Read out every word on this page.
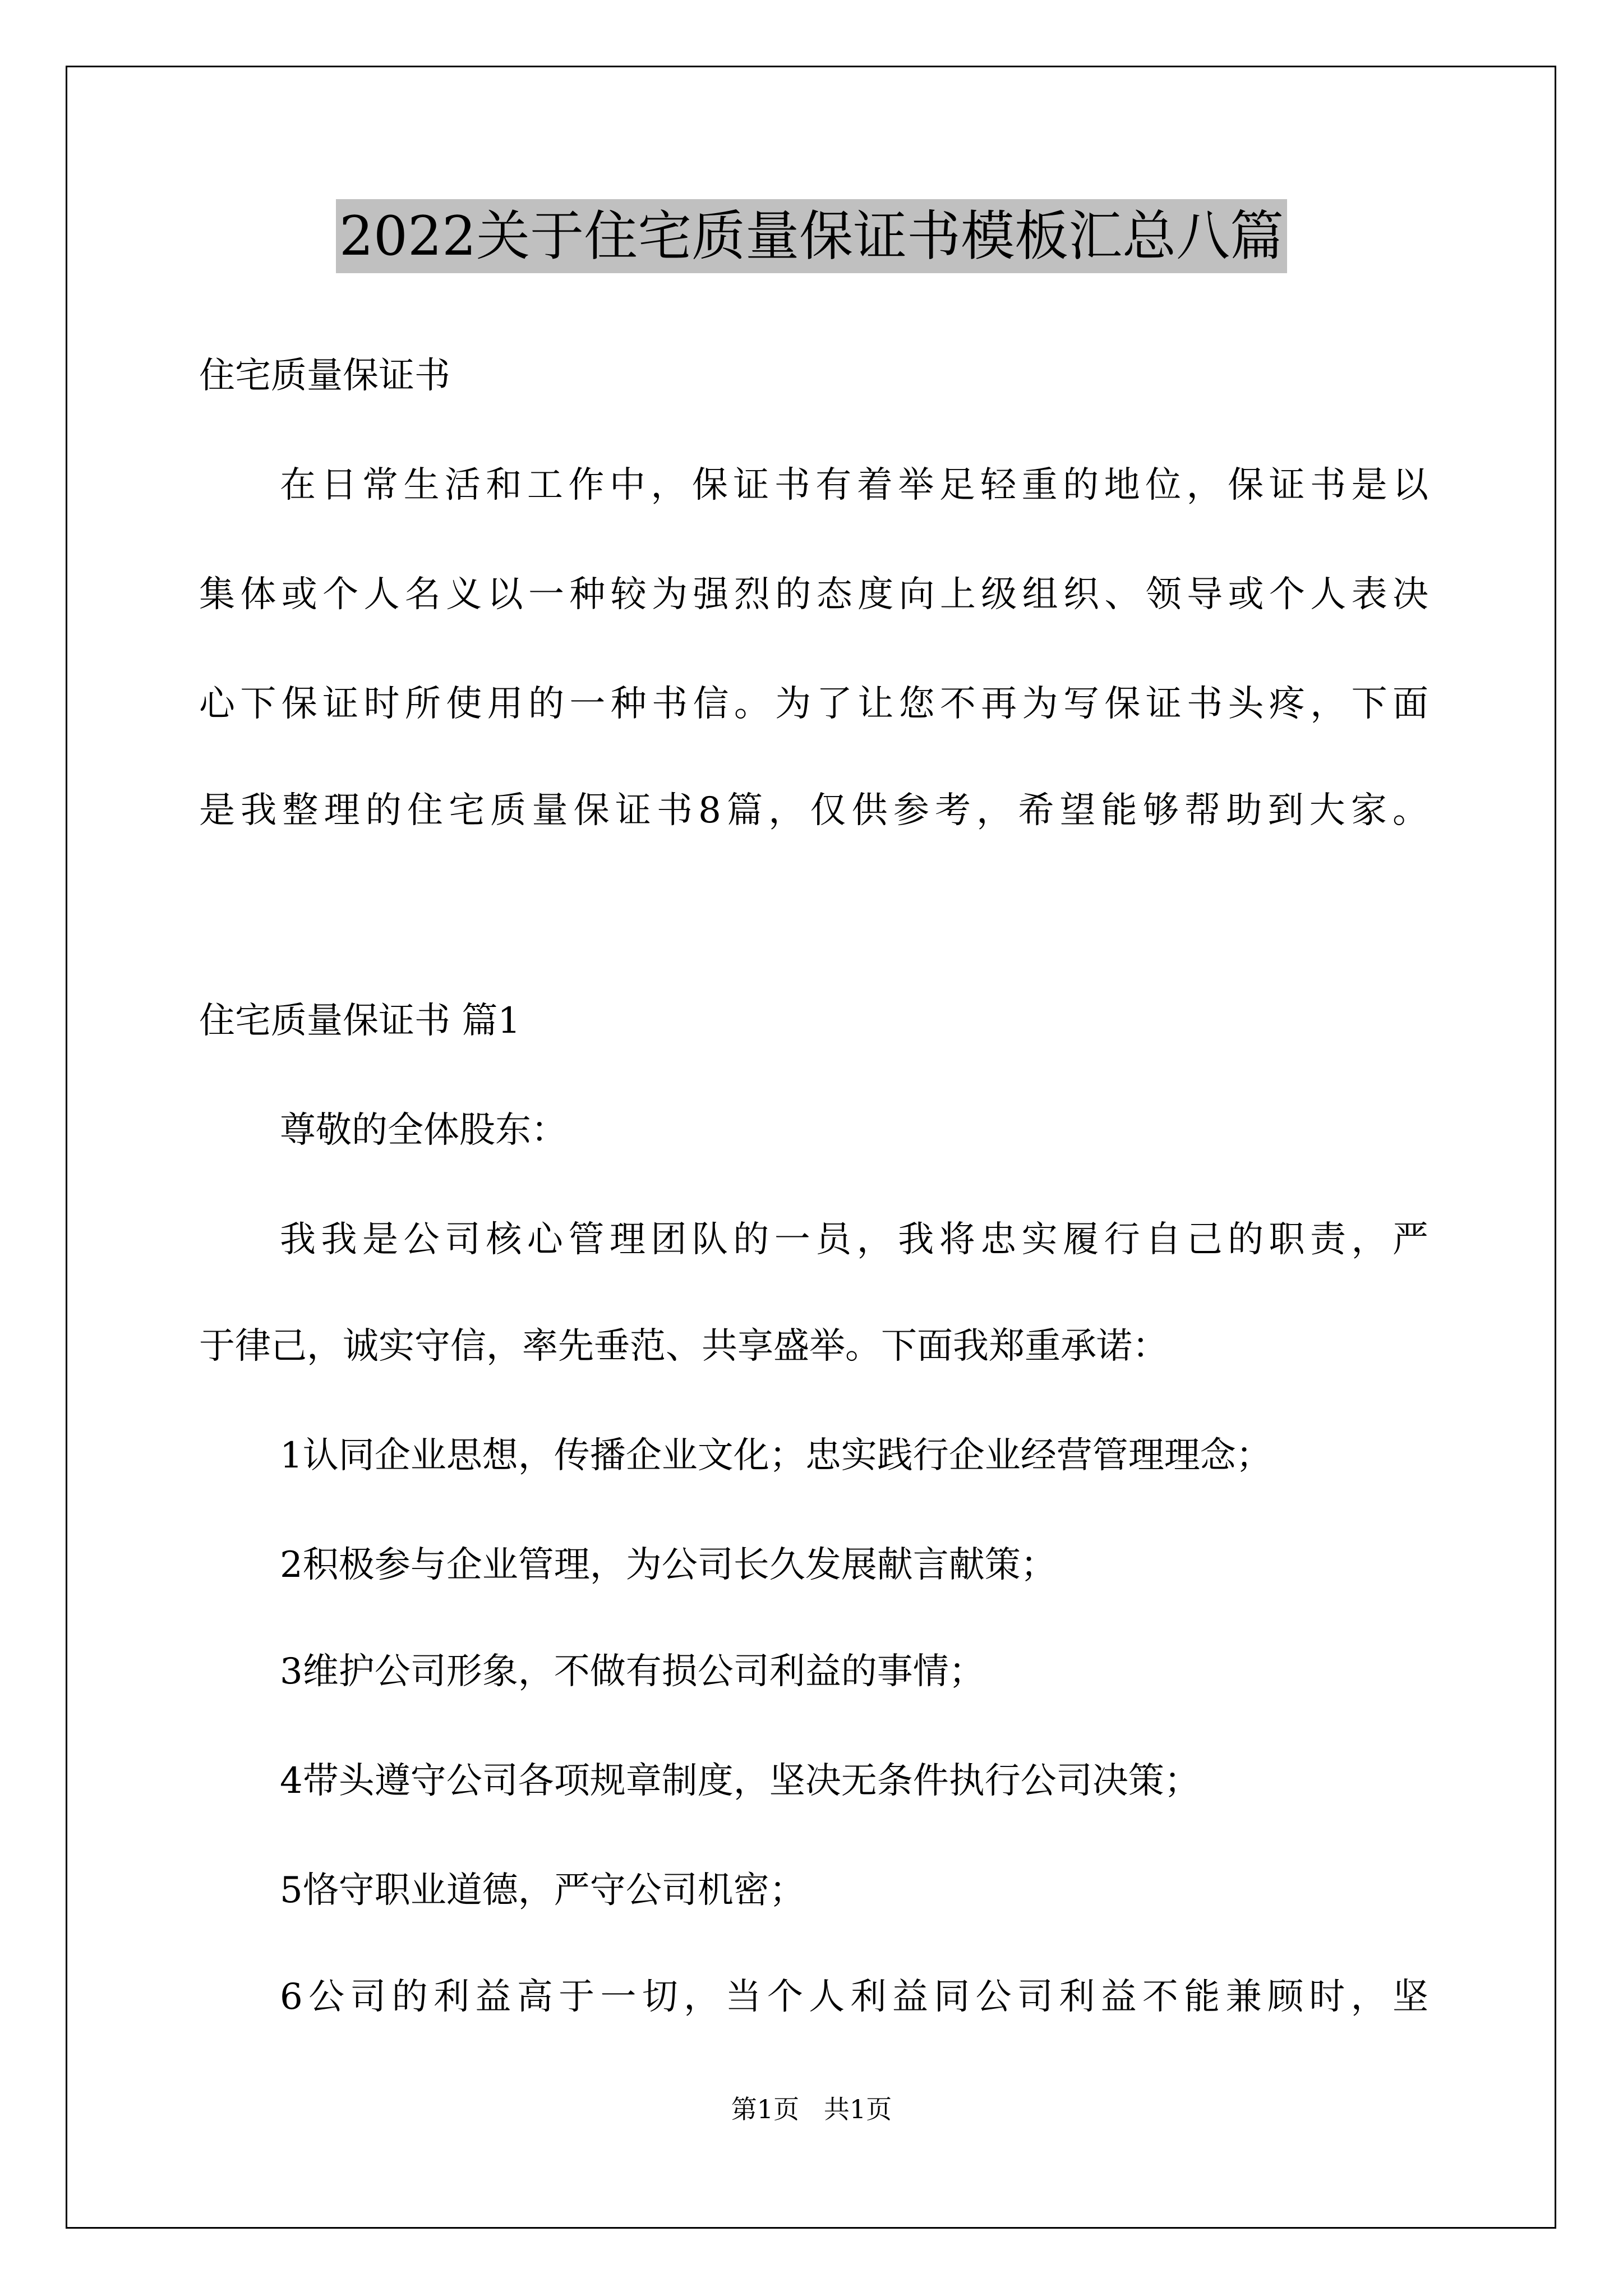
2022关于住宅质量保证书模板汇总八篇
住宅质量保证书
在日常生活和工作中，保证书有着举足轻重的地位，保证书是以
集体或个人名义以一种较为强烈的态度向上级组织、领导或个人表决
心下保证时所使用的一种书信。为了让您不再为写保证书头疼，下面
是我整理的住宅质量保证书8篇，仅供参考，希望能够帮助到大家。
住宅质量保证书 篇1
尊敬的全体股东：
我我是公司核心管理团队的一员，我将忠实履行自己的职责，严
于律己，诚实守信，率先垂范、共享盛举。下面我郑重承诺：
1认同企业思想，传播企业文化；忠实践行企业经营管理理念；
2积极参与企业管理，为公司长久发展献言献策；
3维护公司形象，不做有损公司利益的事情；
4带头遵守公司各项规章制度，坚决无条件执行公司决策；
5恪守职业道德，严守公司机密；
6公司的利益高于一切，当个人利益同公司利益不能兼顾时，坚
第1页   共1页
